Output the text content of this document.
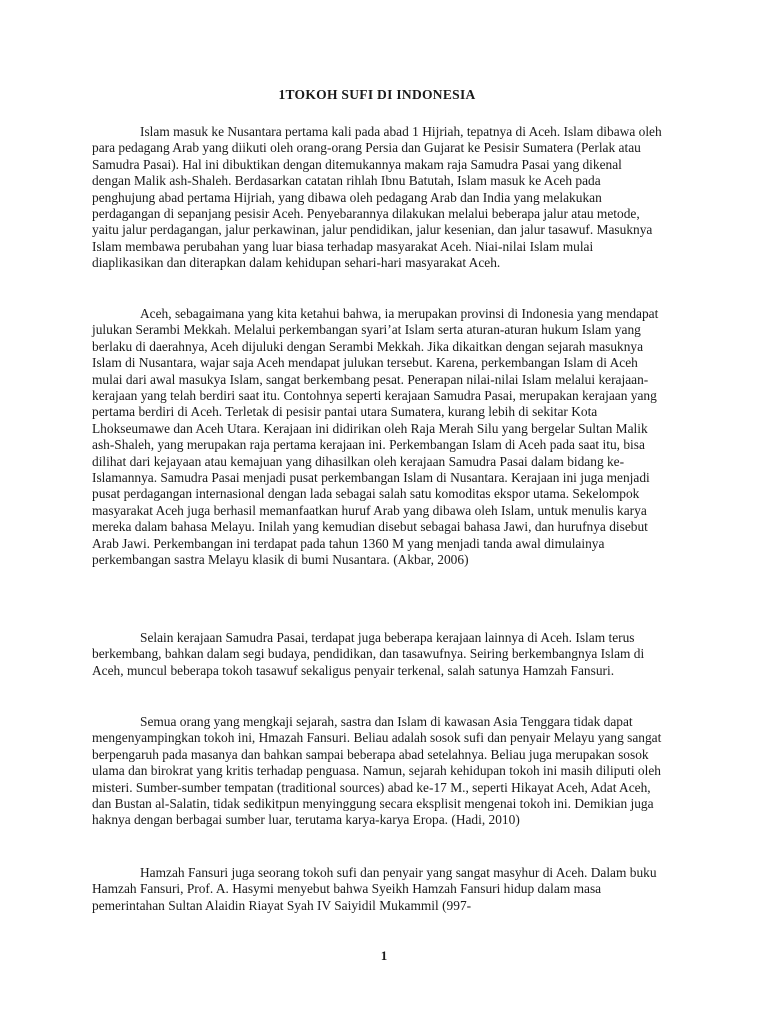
1TOKOH SUFI DI INDONESIA

Islam masuk ke Nusantara pertama kali pada abad 1 Hijriah, tepatnya di Aceh. Islam dibawa oleh para pedagang Arab yang diikuti oleh orang-orang Persia dan Gujarat ke Pesisir Sumatera (Perlak atau Samudra Pasai). Hal ini dibuktikan dengan ditemukannya makam raja Samudra Pasai yang dikenal dengan Malik ash-Shaleh. Berdasarkan catatan rihlah Ibnu Batutah, Islam masuk ke Aceh pada penghujung abad pertama Hijriah, yang dibawa oleh pedagang Arab dan India yang melakukan perdagangan di sepanjang pesisir Aceh. Penyebarannya dilakukan melalui beberapa jalur atau metode, yaitu jalur perdagangan, jalur perkawinan, jalur pendidikan, jalur kesenian, dan jalur tasawuf. Masuknya Islam membawa perubahan yang luar biasa terhadap masyarakat Aceh. Niai-nilai Islam mulai diaplikasikan dan diterapkan dalam kehidupan sehari-hari masyarakat Aceh.

Aceh, sebagaimana yang kita ketahui bahwa, ia merupakan provinsi di Indonesia yang mendapat julukan Serambi Mekkah. Melalui perkembangan syari’at Islam serta aturan-aturan hukum Islam yang berlaku di daerahnya, Aceh dijuluki dengan Serambi Mekkah. Jika dikaitkan dengan sejarah masuknya Islam di Nusantara, wajar saja Aceh mendapat julukan tersebut. Karena, perkembangan Islam di Aceh mulai dari awal masukya Islam, sangat berkembang pesat. Penerapan nilai-nilai Islam melalui kerajaan-kerajaan yang telah berdiri saat itu. Contohnya seperti kerajaan Samudra Pasai, merupakan kerajaan yang pertama berdiri di Aceh. Terletak di pesisir pantai utara Sumatera, kurang lebih di sekitar Kota Lhokseumawe dan Aceh Utara. Kerajaan ini didirikan oleh Raja Merah Silu yang bergelar Sultan Malik ash-Shaleh, yang merupakan raja pertama kerajaan ini. Perkembangan Islam di Aceh pada saat itu, bisa dilihat dari kejayaan atau kemajuan yang dihasilkan oleh kerajaan Samudra Pasai dalam bidang ke-Islamannya. Samudra Pasai menjadi pusat perkembangan Islam di Nusantara. Kerajaan ini juga menjadi pusat perdagangan internasional dengan lada sebagai salah satu komoditas ekspor utama. Sekelompok masyarakat Aceh juga berhasil memanfaatkan huruf Arab yang dibawa oleh Islam, untuk menulis karya mereka dalam bahasa Melayu. Inilah yang kemudian disebut sebagai bahasa Jawi, dan hurufnya disebut Arab Jawi. Perkembangan ini terdapat pada tahun 1360 M yang menjadi tanda awal dimulainya perkembangan sastra Melayu klasik di bumi Nusantara. (Akbar, 2006)

Selain kerajaan Samudra Pasai, terdapat juga beberapa kerajaan lainnya di Aceh. Islam terus berkembang, bahkan dalam segi budaya, pendidikan, dan tasawufnya. Seiring berkembangnya Islam di Aceh, muncul beberapa tokoh tasawuf sekaligus penyair terkenal, salah satunya Hamzah Fansuri.

Semua orang yang mengkaji sejarah, sastra dan Islam di kawasan Asia Tenggara tidak dapat mengenyampingkan tokoh ini, Hmazah Fansuri. Beliau adalah sosok sufi dan penyair Melayu yang sangat berpengaruh pada masanya dan bahkan sampai beberapa abad setelahnya. Beliau juga merupakan sosok ulama dan birokrat yang kritis terhadap penguasa. Namun, sejarah kehidupan tokoh ini masih diliputi oleh misteri. Sumber-sumber tempatan (traditional sources) abad ke-17 M., seperti Hikayat Aceh, Adat Aceh, dan Bustan al-Salatin, tidak sedikitpun menyinggung secara eksplisit mengenai tokoh ini. Demikian juga haknya dengan berbagai sumber luar, terutama karya-karya Eropa. (Hadi, 2010)

Hamzah Fansuri juga seorang tokoh sufi dan penyair yang sangat masyhur di Aceh. Dalam buku Hamzah Fansuri, Prof. A. Hasymi menyebut bahwa Syeikh Hamzah Fansuri hidup dalam masa pemerintahan Sultan Alaidin Riayat Syah IV Saiyidil Mukammil (997-

1
